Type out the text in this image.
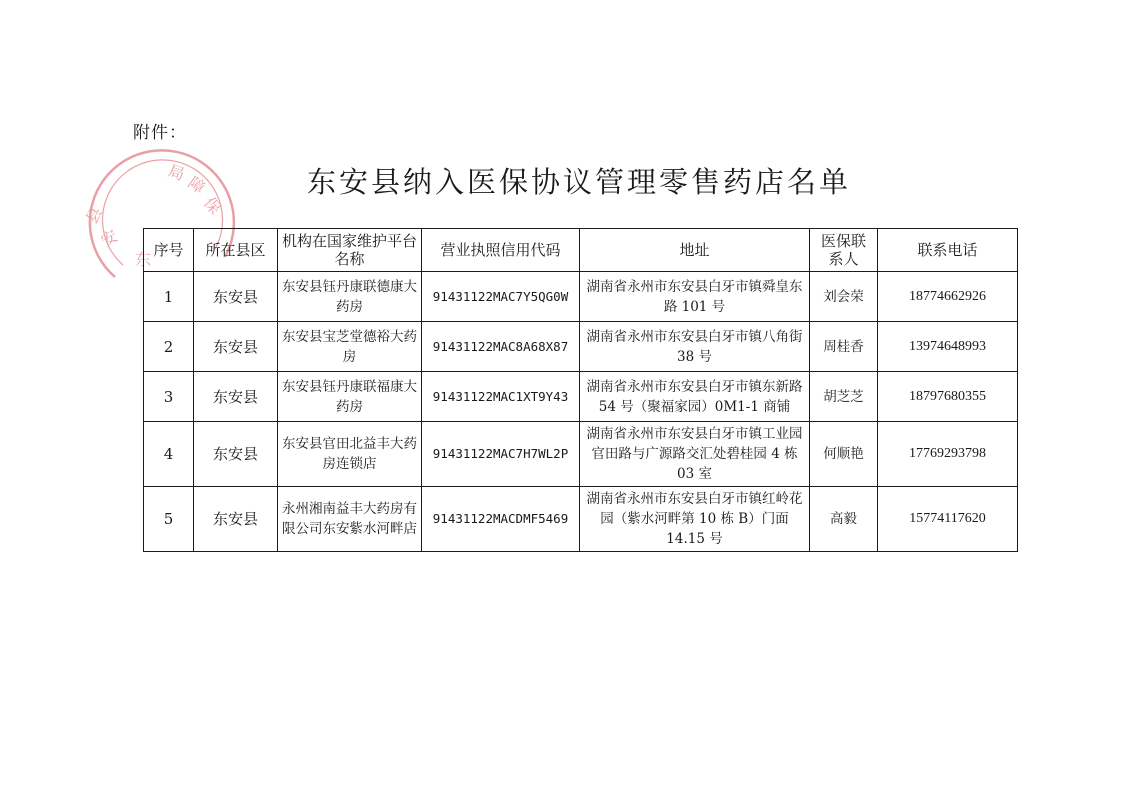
附件：
局
障
保
县
安
东
东安县纳入医保协议管理零售药店名单
序号	所在县区	机构在国家维护平台名称	营业执照信用代码	地址	医保联系人	联系电话
1	东安县	东安县钰丹康联德康大药房	91431122MAC7Y5QG0W	湖南省永州市东安县白牙市镇舜皇东路 101 号	刘会荣	18774662926
2	东安县	东安县宝芝堂德裕大药房	91431122MAC8A68X87	湖南省永州市东安县白牙市镇八角街 38 号	周桂香	13974648993
3	东安县	东安县钰丹康联福康大药房	91431122MAC1XT9Y43	湖南省永州市东安县白牙市镇东新路 54 号（聚福家园）0M1-1 商铺	胡芝芝	18797680355
4	东安县	东安县官田北益丰大药房连锁店	91431122MAC7H7WL2P	湖南省永州市东安县白牙市镇工业园官田路与广源路交汇处碧桂园 4 栋 03 室	何顺艳	17769293798
5	东安县	永州湘南益丰大药房有限公司东安紫水河畔店	91431122MACDMF5469	湖南省永州市东安县白牙市镇红岭花园（紫水河畔第 10 栋 B）门面 14.15 号	高毅	15774117620
